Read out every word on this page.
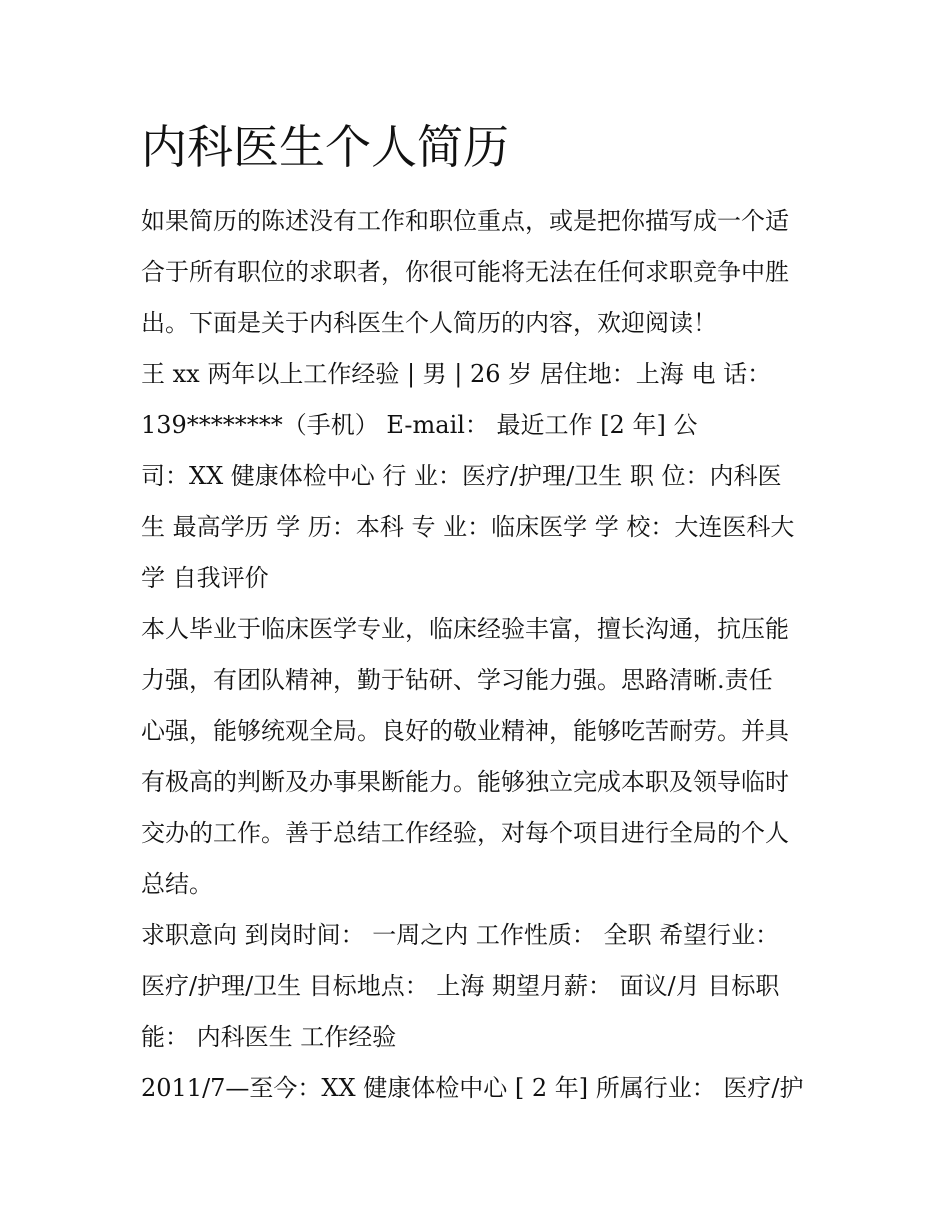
内科医生个人简历
如果简历的陈述没有工作和职位重点，或是把你描写成一个适
合于所有职位的求职者，你很可能将无法在任何求职竞争中胜
出。下面是关于内科医生个人简历的内容，欢迎阅读！
王 xx 两年以上工作经验 | 男 | 26 岁 居住地：上海 电 话：
139********（手机） E-mail： 最近工作 [2 年] 公
司：XX 健康体检中心 行 业：医疗/护理/卫生 职 位：内科医
生 最高学历 学 历：本科 专 业：临床医学 学 校：大连医科大
学 自我评价
本人毕业于临床医学专业，临床经验丰富，擅长沟通，抗压能
力强，有团队精神，勤于钻研、学习能力强。思路清晰.责任
心强，能够统观全局。良好的敬业精神，能够吃苦耐劳。并具
有极高的判断及办事果断能力。能够独立完成本职及领导临时
交办的工作。善于总结工作经验，对每个项目进行全局的个人
总结。
求职意向 到岗时间： 一周之内 工作性质： 全职 希望行业：
医疗/护理/卫生 目标地点： 上海 期望月薪： 面议/月 目标职
能： 内科医生 工作经验
2011/7—至今：XX 健康体检中心 [ 2 年] 所属行业： 医疗/护
